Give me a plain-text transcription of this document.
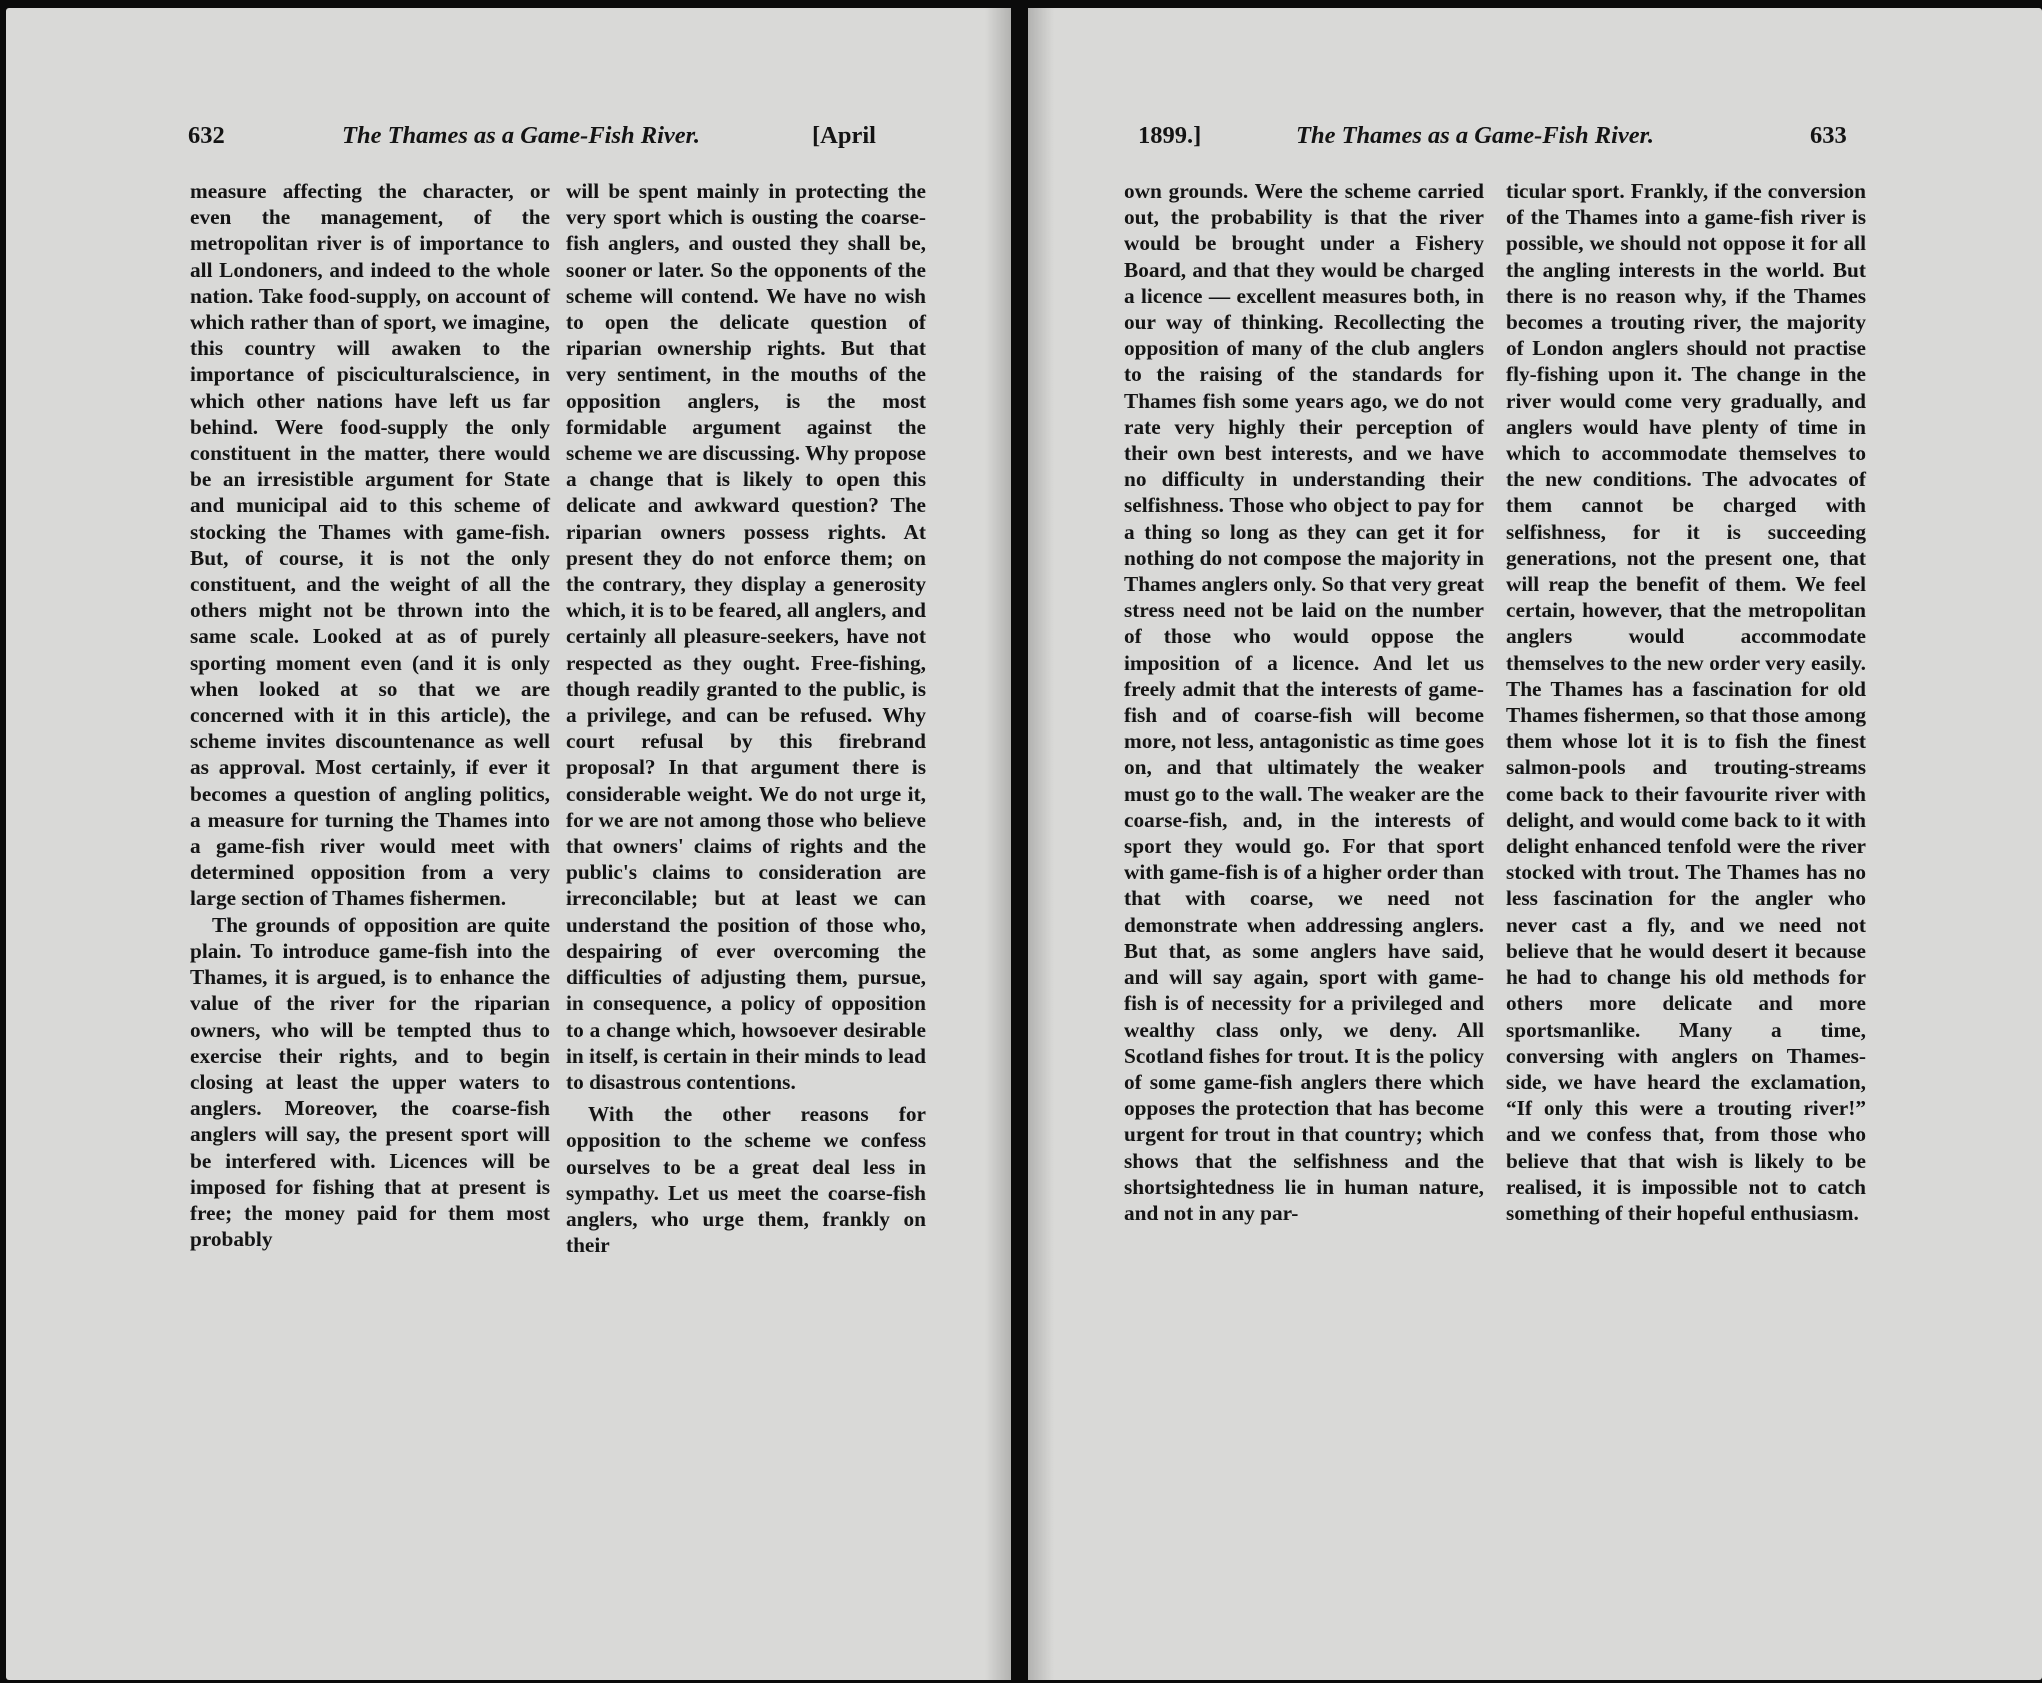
632	The Thames as a Game-Fish River.	[April

measure affecting the character, or even the management, of the metropolitan river is of importance to all Londoners, and indeed to the whole nation. Take food-supply, on account of which rather than of sport, we imagine, this country will awaken to the importance of pisciculturalscience, in which other nations have left us far behind. Were food-supply the only constituent in the matter, there would be an irresistible argument for State and municipal aid to this scheme of stocking the Thames with game-fish. But, of course, it is not the only constituent, and the weight of all the others might not be thrown into the same scale. Looked at as of purely sporting moment even (and it is only when looked at so that we are concerned with it in this article), the scheme invites discountenance as well as approval. Most certainly, if ever it becomes a question of angling politics, a measure for turning the Thames into a game-fish river would meet with determined opposition from a very large section of Thames fishermen.

The grounds of opposition are quite plain. To introduce game-fish into the Thames, it is argued, is to enhance the value of the river for the riparian owners, who will be tempted thus to exercise their rights, and to begin closing at least the upper waters to anglers. Moreover, the coarse-fish anglers will say, the present sport will be interfered with. Licences will be imposed for fishing that at present is free; the money paid for them most probably

will be spent mainly in protecting the very sport which is ousting the coarse-fish anglers, and ousted they shall be, sooner or later. So the opponents of the scheme will contend. We have no wish to open the delicate question of riparian ownership rights. But that very sentiment, in the mouths of the opposition anglers, is the most formidable argument against the scheme we are discussing. Why propose a change that is likely to open this delicate and awkward question? The riparian owners possess rights. At present they do not enforce them; on the contrary, they display a generosity which, it is to be feared, all anglers, and certainly all pleasure-seekers, have not respected as they ought. Free-fishing, though readily granted to the public, is a privilege, and can be refused. Why court refusal by this firebrand proposal? In that argument there is considerable weight. We do not urge it, for we are not among those who believe that owners' claims of rights and the public's claims to consideration are irreconcilable; but at least we can understand the position of those who, despairing of ever overcoming the difficulties of adjusting them, pursue, in consequence, a policy of opposition to a change which, howsoever desirable in itself, is certain in their minds to lead to disastrous contentions.

With the other reasons for opposition to the scheme we confess ourselves to be a great deal less in sympathy. Let us meet the coarse-fish anglers, who urge them, frankly on their

1899.]	The Thames as a Game-Fish River.	633

own grounds. Were the scheme carried out, the probability is that the river would be brought under a Fishery Board, and that they would be charged a licence — excellent measures both, in our way of thinking. Recollecting the opposition of many of the club anglers to the raising of the standards for Thames fish some years ago, we do not rate very highly their perception of their own best interests, and we have no difficulty in understanding their selfishness. Those who object to pay for a thing so long as they can get it for nothing do not compose the majority in Thames anglers only. So that very great stress need not be laid on the number of those who would oppose the imposition of a licence. And let us freely admit that the interests of game-fish and of coarse-fish will become more, not less, antagonistic as time goes on, and that ultimately the weaker must go to the wall. The weaker are the coarse-fish, and, in the interests of sport they would go. For that sport with game-fish is of a higher order than that with coarse, we need not demonstrate when addressing anglers. But that, as some anglers have said, and will say again, sport with game-fish is of necessity for a privileged and wealthy class only, we deny. All Scotland fishes for trout. It is the policy of some game-fish anglers there which opposes the protection that has become urgent for trout in that country; which shows that the selfishness and the shortsightedness lie in human nature, and not in any par-

ticular sport. Frankly, if the conversion of the Thames into a game-fish river is possible, we should not oppose it for all the angling interests in the world. But there is no reason why, if the Thames becomes a trouting river, the majority of London anglers should not practise fly-fishing upon it. The change in the river would come very gradually, and anglers would have plenty of time in which to accommodate themselves to the new conditions. The advocates of them cannot be charged with selfishness, for it is succeeding generations, not the present one, that will reap the benefit of them. We feel certain, however, that the metropolitan anglers would accommodate themselves to the new order very easily. The Thames has a fascination for old Thames fishermen, so that those among them whose lot it is to fish the finest salmon-pools and trouting-streams come back to their favourite river with delight, and would come back to it with delight enhanced tenfold were the river stocked with trout. The Thames has no less fascination for the angler who never cast a fly, and we need not believe that he would desert it because he had to change his old methods for others more delicate and more sportsmanlike. Many a time, conversing with anglers on Thames-side, we have heard the exclamation, “If only this were a trouting river!” and we confess that, from those who believe that that wish is likely to be realised, it is impossible not to catch something of their hopeful enthusiasm.
